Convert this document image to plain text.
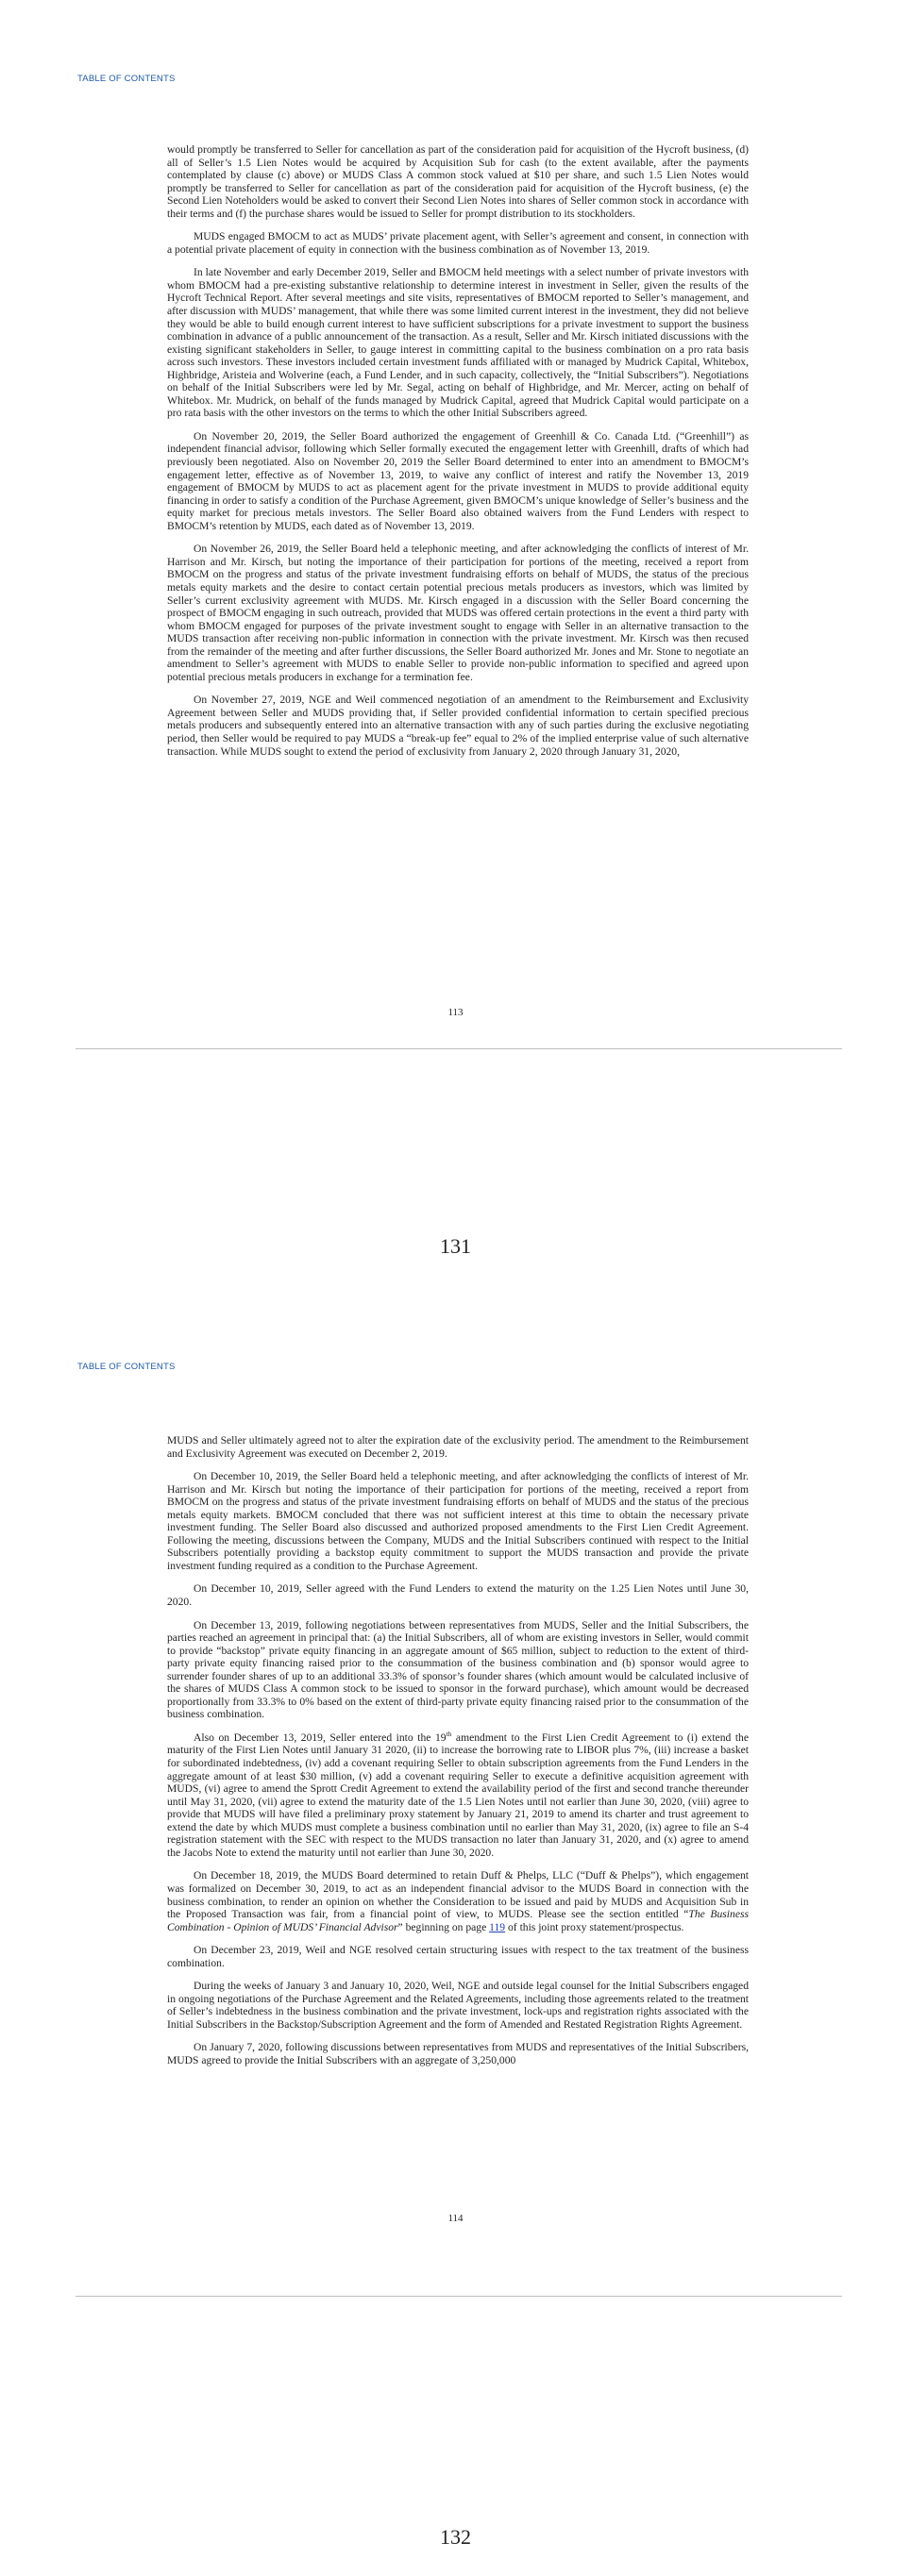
TABLE OF CONTENTS

would promptly be transferred to Seller for cancellation as part of the consideration paid for acquisition of the Hycroft business, (d) all of Seller’s 1.5 Lien Notes would be acquired by Acquisition Sub for cash (to the extent available, after the payments contemplated by clause (c) above) or MUDS Class A common stock valued at $10 per share, and such 1.5 Lien Notes would promptly be transferred to Seller for cancellation as part of the consideration paid for acquisition of the Hycroft business, (e) the Second Lien Noteholders would be asked to convert their Second Lien Notes into shares of Seller common stock in accordance with their terms and (f) the purchase shares would be issued to Seller for prompt distribution to its stockholders.

MUDS engaged BMOCM to act as MUDS’ private placement agent, with Seller’s agreement and consent, in connection with a potential private placement of equity in connection with the business combination as of November 13, 2019.

In late November and early December 2019, Seller and BMOCM held meetings with a select number of private investors with whom BMOCM had a pre-existing substantive relationship to determine interest in investment in Seller, given the results of the Hycroft Technical Report. After several meetings and site visits, representatives of BMOCM reported to Seller’s management, and after discussion with MUDS’ management, that while there was some limited current interest in the investment, they did not believe they would be able to build enough current interest to have sufficient subscriptions for a private investment to support the business combination in advance of a public announcement of the transaction. As a result, Seller and Mr. Kirsch initiated discussions with the existing significant stakeholders in Seller, to gauge interest in committing capital to the business combination on a pro rata basis across such investors. These investors included certain investment funds affiliated with or managed by Mudrick Capital, Whitebox, Highbridge, Aristeia and Wolverine (each, a Fund Lender, and in such capacity, collectively, the “Initial Subscribers”). Negotiations on behalf of the Initial Subscribers were led by Mr. Segal, acting on behalf of Highbridge, and Mr. Mercer, acting on behalf of Whitebox. Mr. Mudrick, on behalf of the funds managed by Mudrick Capital, agreed that Mudrick Capital would participate on a pro rata basis with the other investors on the terms to which the other Initial Subscribers agreed.

On November 20, 2019, the Seller Board authorized the engagement of Greenhill & Co. Canada Ltd. (“Greenhill”) as independent financial advisor, following which Seller formally executed the engagement letter with Greenhill, drafts of which had previously been negotiated. Also on November 20, 2019 the Seller Board determined to enter into an amendment to BMOCM’s engagement letter, effective as of November 13, 2019, to waive any conflict of interest and ratify the November 13, 2019 engagement of BMOCM by MUDS to act as placement agent for the private investment in MUDS to provide additional equity financing in order to satisfy a condition of the Purchase Agreement, given BMOCM’s unique knowledge of Seller’s business and the equity market for precious metals investors. The Seller Board also obtained waivers from the Fund Lenders with respect to BMOCM’s retention by MUDS, each dated as of November 13, 2019.

On November 26, 2019, the Seller Board held a telephonic meeting, and after acknowledging the conflicts of interest of Mr. Harrison and Mr. Kirsch, but noting the importance of their participation for portions of the meeting, received a report from BMOCM on the progress and status of the private investment fundraising efforts on behalf of MUDS, the status of the precious metals equity markets and the desire to contact certain potential precious metals producers as investors, which was limited by Seller’s current exclusivity agreement with MUDS. Mr. Kirsch engaged in a discussion with the Seller Board concerning the prospect of BMOCM engaging in such outreach, provided that MUDS was offered certain protections in the event a third party with whom BMOCM engaged for purposes of the private investment sought to engage with Seller in an alternative transaction to the MUDS transaction after receiving non-public information in connection with the private investment. Mr. Kirsch was then recused from the remainder of the meeting and after further discussions, the Seller Board authorized Mr. Jones and Mr. Stone to negotiate an amendment to Seller’s agreement with MUDS to enable Seller to provide non-public information to specified and agreed upon potential precious metals producers in exchange for a termination fee.

On November 27, 2019, NGE and Weil commenced negotiation of an amendment to the Reimbursement and Exclusivity Agreement between Seller and MUDS providing that, if Seller provided confidential information to certain specified precious metals producers and subsequently entered into an alternative transaction with any of such parties during the exclusive negotiating period, then Seller would be required to pay MUDS a “break-up fee” equal to 2% of the implied enterprise value of such alternative transaction. While MUDS sought to extend the period of exclusivity from January 2, 2020 through January 31, 2020,

113
131
TABLE OF CONTENTS

MUDS and Seller ultimately agreed not to alter the expiration date of the exclusivity period. The amendment to the Reimbursement and Exclusivity Agreement was executed on December 2, 2019.

On December 10, 2019, the Seller Board held a telephonic meeting, and after acknowledging the conflicts of interest of Mr. Harrison and Mr. Kirsch but noting the importance of their participation for portions of the meeting, received a report from BMOCM on the progress and status of the private investment fundraising efforts on behalf of MUDS and the status of the precious metals equity markets. BMOCM concluded that there was not sufficient interest at this time to obtain the necessary private investment funding. The Seller Board also discussed and authorized proposed amendments to the First Lien Credit Agreement. Following the meeting, discussions between the Company, MUDS and the Initial Subscribers continued with respect to the Initial Subscribers potentially providing a backstop equity commitment to support the MUDS transaction and provide the private investment funding required as a condition to the Purchase Agreement.

On December 10, 2019, Seller agreed with the Fund Lenders to extend the maturity on the 1.25 Lien Notes until June 30, 2020.

On December 13, 2019, following negotiations between representatives from MUDS, Seller and the Initial Subscribers, the parties reached an agreement in principal that: (a) the Initial Subscribers, all of whom are existing investors in Seller, would commit to provide “backstop” private equity financing in an aggregate amount of $65 million, subject to reduction to the extent of third-party private equity financing raised prior to the consummation of the business combination and (b) sponsor would agree to surrender founder shares of up to an additional 33.3% of sponsor’s founder shares (which amount would be calculated inclusive of the shares of MUDS Class A common stock to be issued to sponsor in the forward purchase), which amount would be decreased proportionally from 33.3% to 0% based on the extent of third-party private equity financing raised prior to the consummation of the business combination.

Also on December 13, 2019, Seller entered into the 19th amendment to the First Lien Credit Agreement to (i) extend the maturity of the First Lien Notes until January 31 2020, (ii) to increase the borrowing rate to LIBOR plus 7%, (iii) increase a basket for subordinated indebtedness, (iv) add a covenant requiring Seller to obtain subscription agreements from the Fund Lenders in the aggregate amount of at least $30 million, (v) add a covenant requiring Seller to execute a definitive acquisition agreement with MUDS, (vi) agree to amend the Sprott Credit Agreement to extend the availability period of the first and second tranche thereunder until May 31, 2020, (vii) agree to extend the maturity date of the 1.5 Lien Notes until not earlier than June 30, 2020, (viii) agree to provide that MUDS will have filed a preliminary proxy statement by January 21, 2019 to amend its charter and trust agreement to extend the date by which MUDS must complete a business combination until no earlier than May 31, 2020, (ix) agree to file an S-4 registration statement with the SEC with respect to the MUDS transaction no later than January 31, 2020, and (x) agree to amend the Jacobs Note to extend the maturity until not earlier than June 30, 2020.

On December 18, 2019, the MUDS Board determined to retain Duff & Phelps, LLC (“Duff & Phelps”), which engagement was formalized on December 30, 2019, to act as an independent financial advisor to the MUDS Board in connection with the business combination, to render an opinion on whether the Consideration to be issued and paid by MUDS and Acquisition Sub in the Proposed Transaction was fair, from a financial point of view, to MUDS. Please see the section entitled “The Business Combination - Opinion of MUDS’ Financial Advisor” beginning on page 119 of this joint proxy statement/prospectus.

On December 23, 2019, Weil and NGE resolved certain structuring issues with respect to the tax treatment of the business combination.

During the weeks of January 3 and January 10, 2020, Weil, NGE and outside legal counsel for the Initial Subscribers engaged in ongoing negotiations of the Purchase Agreement and the Related Agreements, including those agreements related to the treatment of Seller’s indebtedness in the business combination and the private investment, lock-ups and registration rights associated with the Initial Subscribers in the Backstop/Subscription Agreement and the form of Amended and Restated Registration Rights Agreement.

On January 7, 2020, following discussions between representatives from MUDS and representatives of the Initial Subscribers, MUDS agreed to provide the Initial Subscribers with an aggregate of 3,250,000

114
132
